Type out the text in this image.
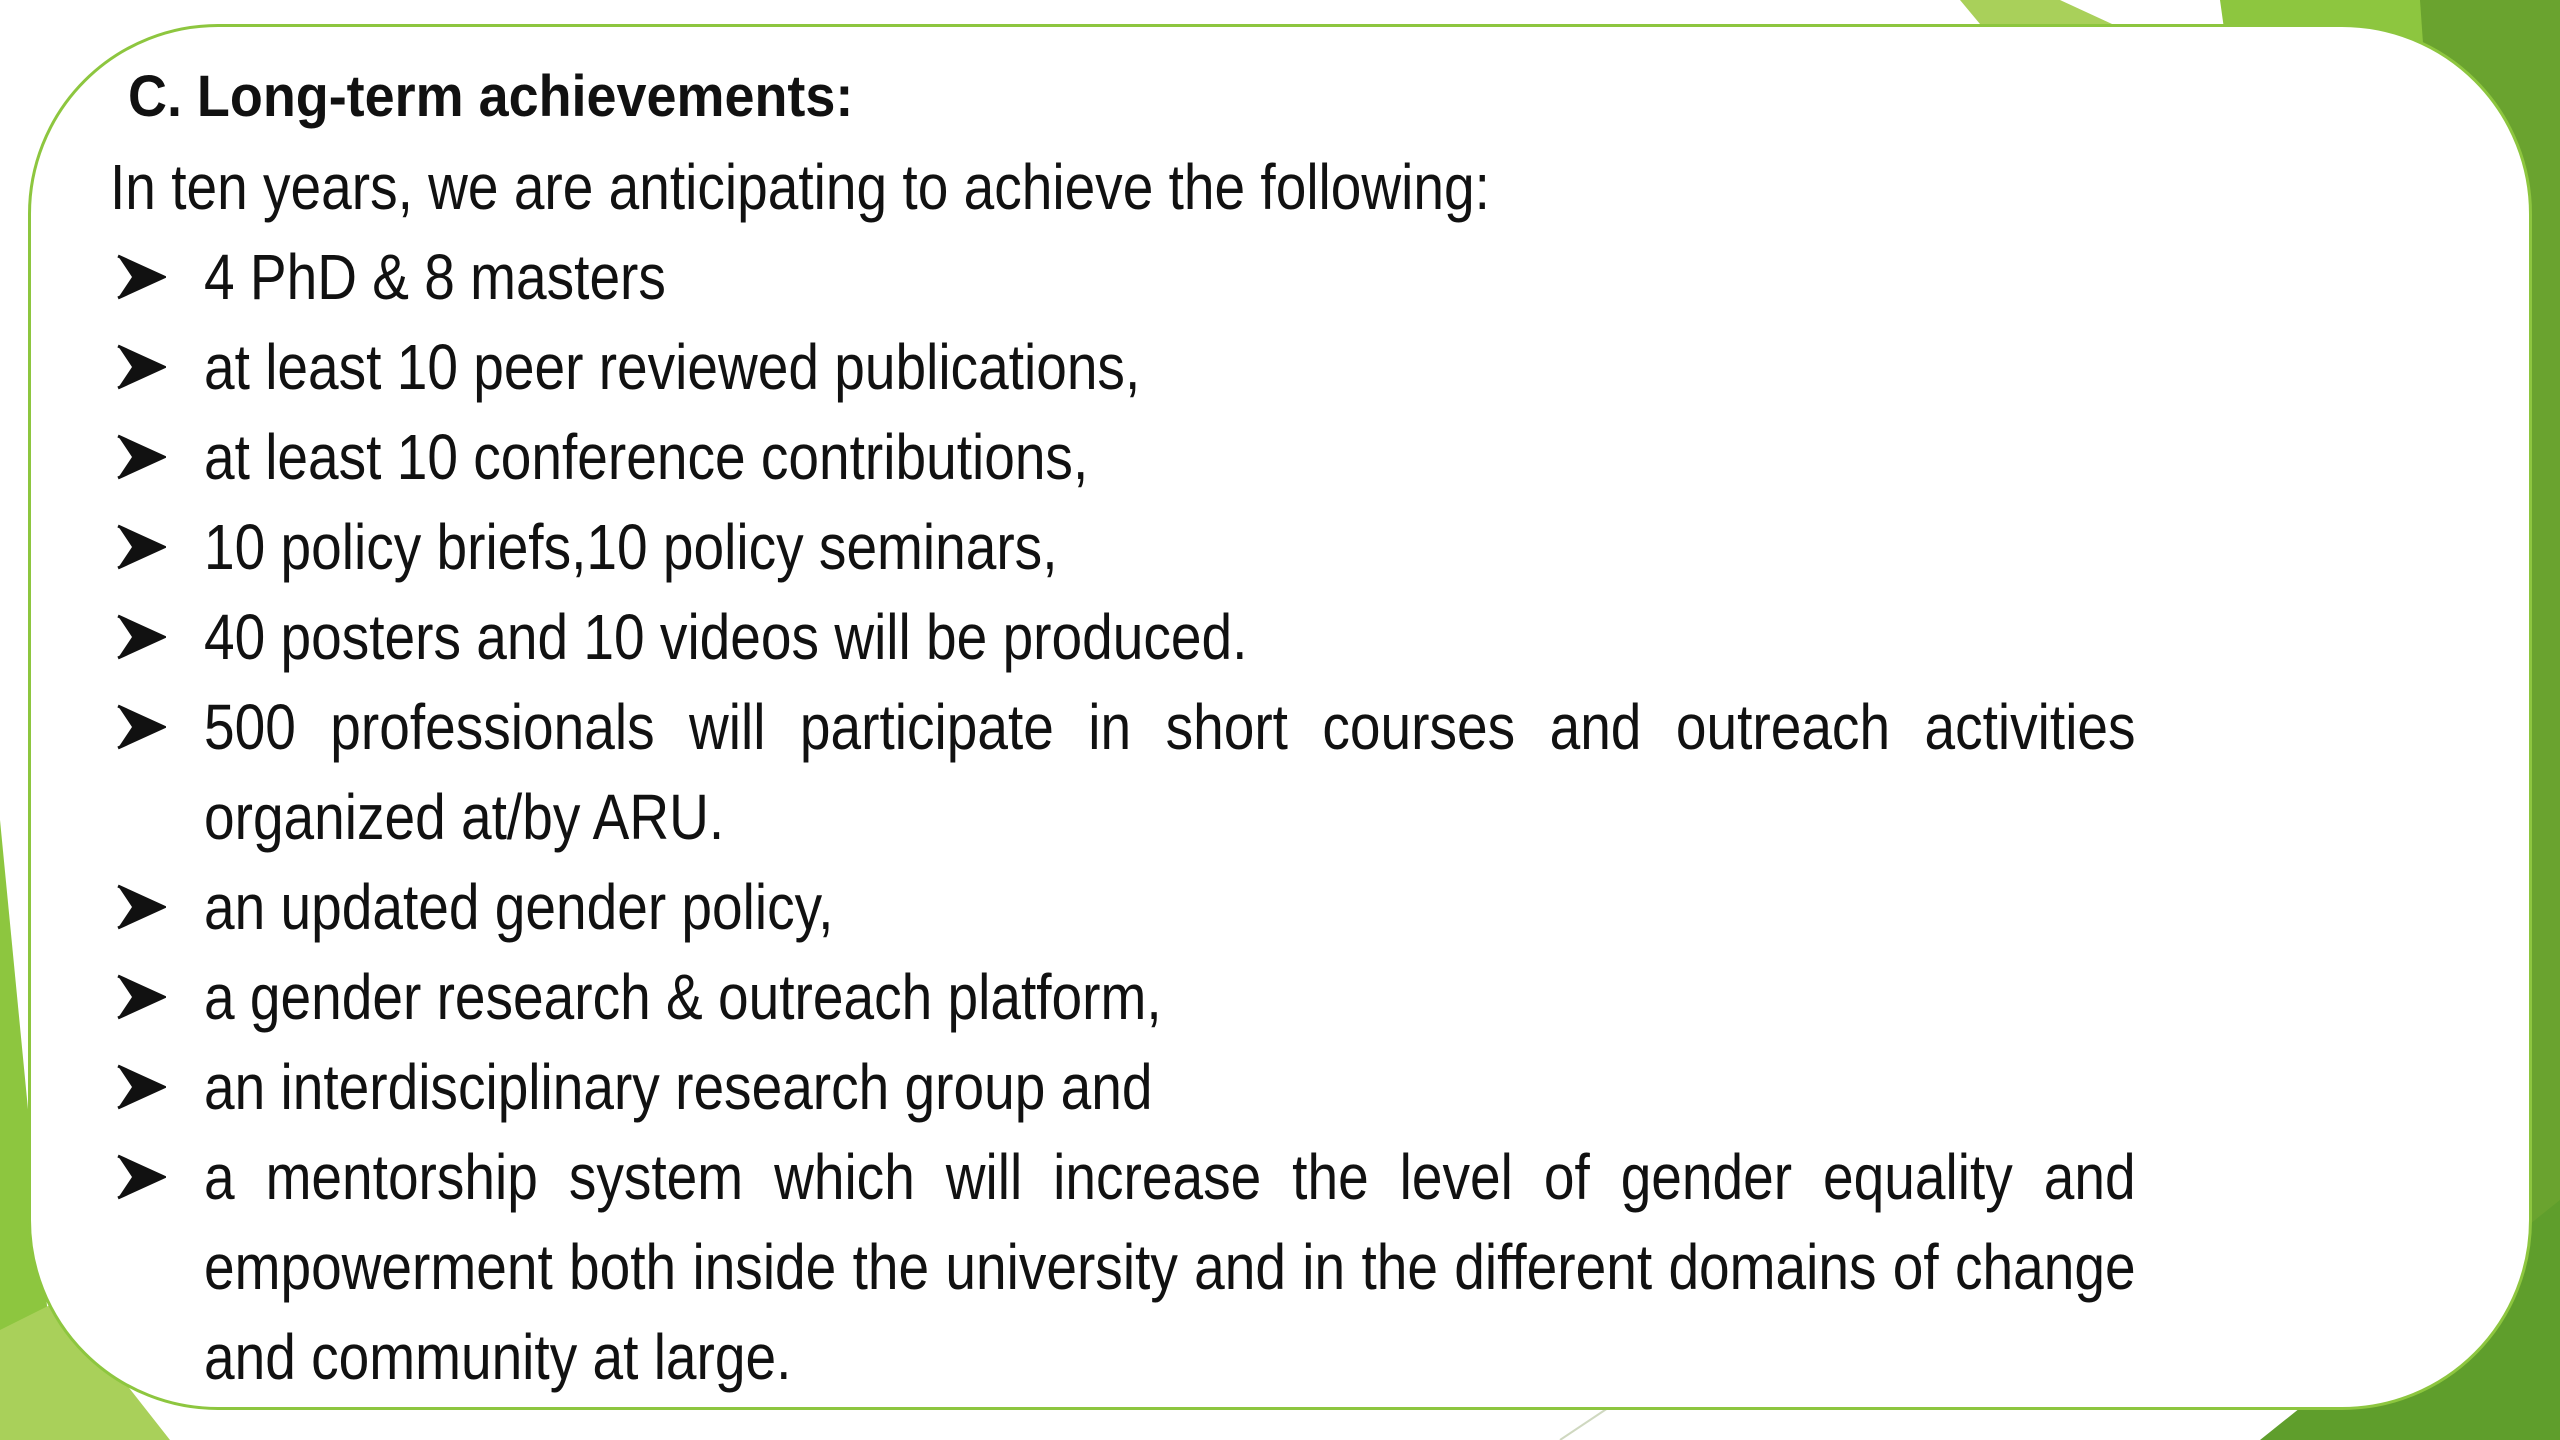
C. Long-term achievements:
In ten years, we are anticipating to achieve the following:
4 PhD & 8 masters
at least 10 peer reviewed publications,
at least 10 conference contributions,
10 policy briefs,10 policy seminars,
40 posters and 10 videos will be produced.
500 professionals will participate in short courses and outreach activities organized at/by ARU.
an updated gender policy,
a gender research & outreach platform,
an interdisciplinary research group and
a mentorship system which will increase the level of gender equality and empowerment both inside the university and in the different domains of change and community at large.
